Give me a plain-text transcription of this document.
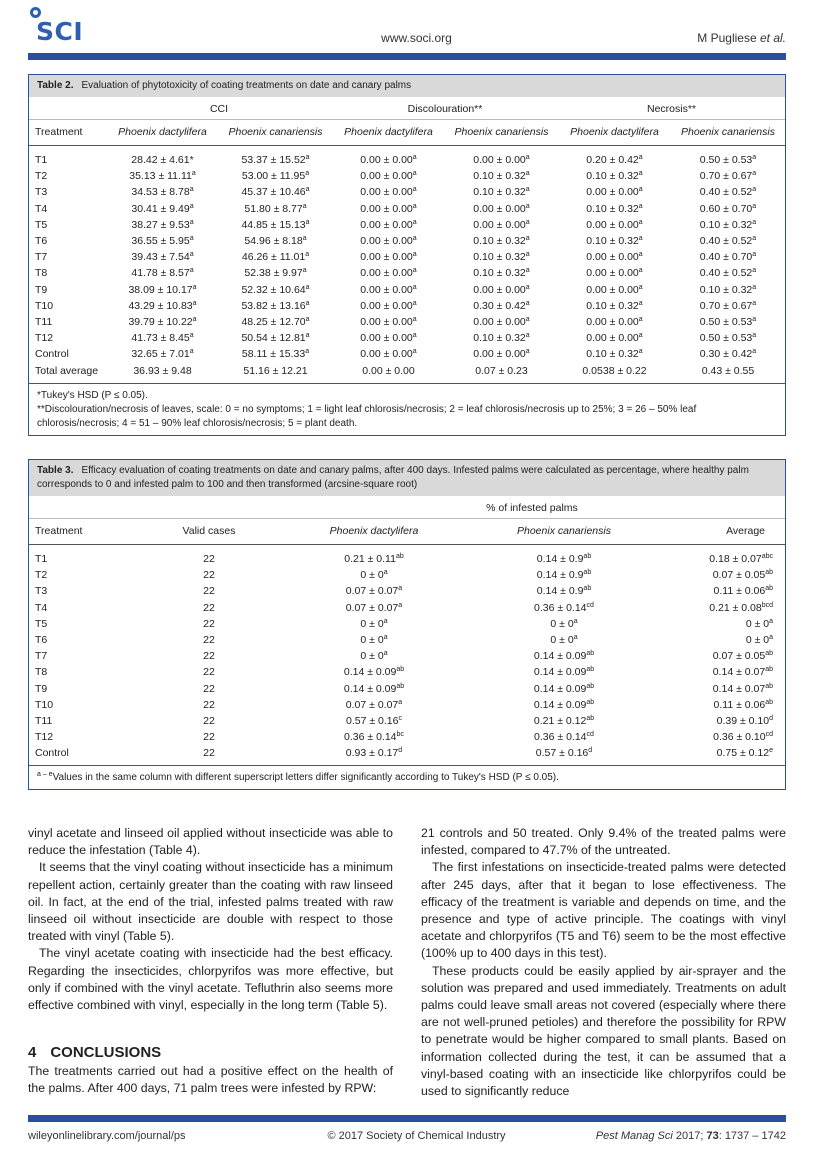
SCI	www.soci.org	M Pugliese et al.
Table 2. Evaluation of phytotoxicity of coating treatments on date and canary palms
	CCI		Discolouration**		Necrosis**	
Treatment	Phoenix dactylifera	Phoenix canariensis	Phoenix dactylifera	Phoenix canariensis	Phoenix dactylifera	Phoenix canariensis
T1	28.42 ± 4.61*	53.37 ± 15.52$^a$	0.00 ± 0.00$^a$	0.00 ± 0.00$^a$	0.20 ± 0.42$^a$	0.50 ± 0.53$^a$
T2	35.13 ± 11.11$^a$	53.00 ± 11.95$^a$	0.00 ± 0.00$^a$	0.10 ± 0.32$^a$	0.10 ± 0.32$^a$	0.70 ± 0.67$^a$
T3	34.53 ± 8.78$^a$	45.37 ± 10.46$^a$	0.00 ± 0.00$^a$	0.10 ± 0.32$^a$	0.00 ± 0.00$^a$	0.40 ± 0.52$^a$
T4	30.41 ± 9.49$^a$	51.80 ± 8.77$^a$	0.00 ± 0.00$^a$	0.00 ± 0.00$^a$	0.10 ± 0.32$^a$	0.60 ± 0.70$^a$
T5	38.27 ± 9.53$^a$	44.85 ± 15.13$^a$	0.00 ± 0.00$^a$	0.00 ± 0.00$^a$	0.00 ± 0.00$^a$	0.10 ± 0.32$^a$
T6	36.55 ± 5.95$^a$	54.96 ± 8.18$^a$	0.00 ± 0.00$^a$	0.10 ± 0.32$^a$	0.10 ± 0.32$^a$	0.40 ± 0.52$^a$
T7	39.43 ± 7.54$^a$	46.26 ± 11.01$^a$	0.00 ± 0.00$^a$	0.10 ± 0.32$^a$	0.00 ± 0.00$^a$	0.40 ± 0.70$^a$
T8	41.78 ± 8.57$^a$	52.38 ± 9.97$^a$	0.00 ± 0.00$^a$	0.10 ± 0.32$^a$	0.00 ± 0.00$^a$	0.40 ± 0.52$^a$
T9	38.09 ± 10.17$^a$	52.32 ± 10.64$^a$	0.00 ± 0.00$^a$	0.00 ± 0.00$^a$	0.00 ± 0.00$^a$	0.10 ± 0.32$^a$
T10	43.29 ± 10.83$^a$	53.82 ± 13.16$^a$	0.00 ± 0.00$^a$	0.30 ± 0.42$^a$	0.10 ± 0.32$^a$	0.70 ± 0.67$^a$
T11	39.79 ± 10.22$^a$	48.25 ± 12.70$^a$	0.00 ± 0.00$^a$	0.00 ± 0.00$^a$	0.00 ± 0.00$^a$	0.50 ± 0.53$^a$
T12	41.73 ± 8.45$^a$	50.54 ± 12.81$^a$	0.00 ± 0.00$^a$	0.10 ± 0.32$^a$	0.00 ± 0.00$^a$	0.50 ± 0.53$^a$
Control	32.65 ± 7.01$^a$	58.11 ± 15.33$^a$	0.00 ± 0.00$^a$	0.00 ± 0.00$^a$	0.10 ± 0.32$^a$	0.30 ± 0.42$^a$
Total average	36.93 ± 9.48	51.16 ± 12.21	0.00 ± 0.00	0.07 ± 0.23	0.0538 ± 0.22	0.43 ± 0.55
*Tukey's HSD (P ≤ 0.05).
**Discolouration/necrosis of leaves, scale: 0 = no symptoms; 1 = light leaf chlorosis/necrosis; 2 = leaf chlorosis/necrosis up to 25%; 3 = 26 – 50% leaf chlorosis/necrosis; 4 = 51 – 90% leaf chlorosis/necrosis; 5 = plant death.
Table 3. Efficacy evaluation of coating treatments on date and canary palms, after 400 days. Infested palms were calculated as percentage, where healthy palm corresponds to 0 and infested palm to 100 and then transformed (arcsine-square root)
		% of infested palms		
Treatment	Valid cases	Phoenix dactylifera	Phoenix canariensis	Average
T1	22	0.21 ± 0.11$^{ab}$	0.14 ± 0.9$^{ab}$	0.18 ± 0.07$^{abc}$
T2	22	$0 \pm 0^a$	0.14 ± 0.9$^{ab}$	0.07 ± 0.05$^{ab}$
T3	22	0.07 ± 0.07$^a$	0.14 ± 0.9$^{ab}$	0.11 ± 0.06$^{ab}$
T4	22	0.07 ± 0.07$^a$	0.36 ± 0.14$^{cd}$	0.21 ± 0.08$^{bcd}$
T5	22	$0 \pm 0^a$	$0 \pm 0^a$	$0 \pm 0^a$
T6	22	$0 \pm 0^a$	$0 \pm 0^a$	$0 \pm 0^a$
T7	22	$0 \pm 0^a$	0.14 ± 0.09$^{ab}$	0.07 ± 0.05$^{ab}$
T8	22	0.14 ± 0.09$^{ab}$	0.14 ± 0.09$^{ab}$	0.14 ± 0.07$^{ab}$
T9	22	0.14 ± 0.09$^{ab}$	0.14 ± 0.09$^{ab}$	0.14 ± 0.07$^{ab}$
T10	22	0.07 ± 0.07$^a$	0.14 ± 0.09$^{ab}$	0.11 ± 0.06$^{ab}$
T11	22	0.57 ± 0.16$^c$	0.21 ± 0.12$^{ab}$	0.39 ± 0.10$^d$
T12	22	0.36 ± 0.14$^{bc}$	0.36 ± 0.14$^{cd}$	0.36 ± 0.10$^{cd}$
Control	22	0.93 ± 0.17$^d$	0.57 ± 0.16$^d$	0.75 ± 0.12$^e$
$^{a - e}$Values in the same column with different superscript letters differ significantly according to Tukey's HSD (P ≤ 0.05).

vinyl acetate and linseed oil applied without insecticide was able to reduce the infestation (Table 4).

It seems that the vinyl coating without insecticide has a minimum repellent action, certainly greater than the coating with raw linseed oil. In fact, at the end of the trial, infested palms treated with raw linseed oil without insecticide are double with respect to those treated with vinyl (Table 5).

The vinyl acetate coating with insecticide had the best efficacy. Regarding the insecticides, chlorpyrifos was more effective, but only if combined with the vinyl acetate. Tefluthrin also seems more effective combined with vinyl, especially in the long term (Table 5).

4 CONCLUSIONS

The treatments carried out had a positive effect on the health of the palms. After 400 days, 71 palm trees were infested by RPW:

21 controls and 50 treated. Only 9.4% of the treated palms were infested, compared to 47.7% of the untreated.

The first infestations on insecticide-treated palms were detected after 245 days, after that it began to lose effectiveness. The efficacy of the treatment is variable and depends on time, and the presence and type of active principle. The coatings with vinyl acetate and chlorpyrifos (T5 and T6) seem to be the most effective (100% up to 400 days in this test).

These products could be easily applied by air-sprayer and the solution was prepared and used immediately. Treatments on adult palms could leave small areas not covered (especially where there are not well-pruned petioles) and therefore the possibility for RPW to penetrate would be higher compared to small plants. Based on information collected during the test, it can be assumed that a vinyl-based coating with an insecticide like chlorpyrifos could be used to significantly reduce

wileyonlinelibrary.com/journal/ps	© 2017 Society of Chemical Industry	Pest Manag Sci 2017; 73: 1737 – 1742
